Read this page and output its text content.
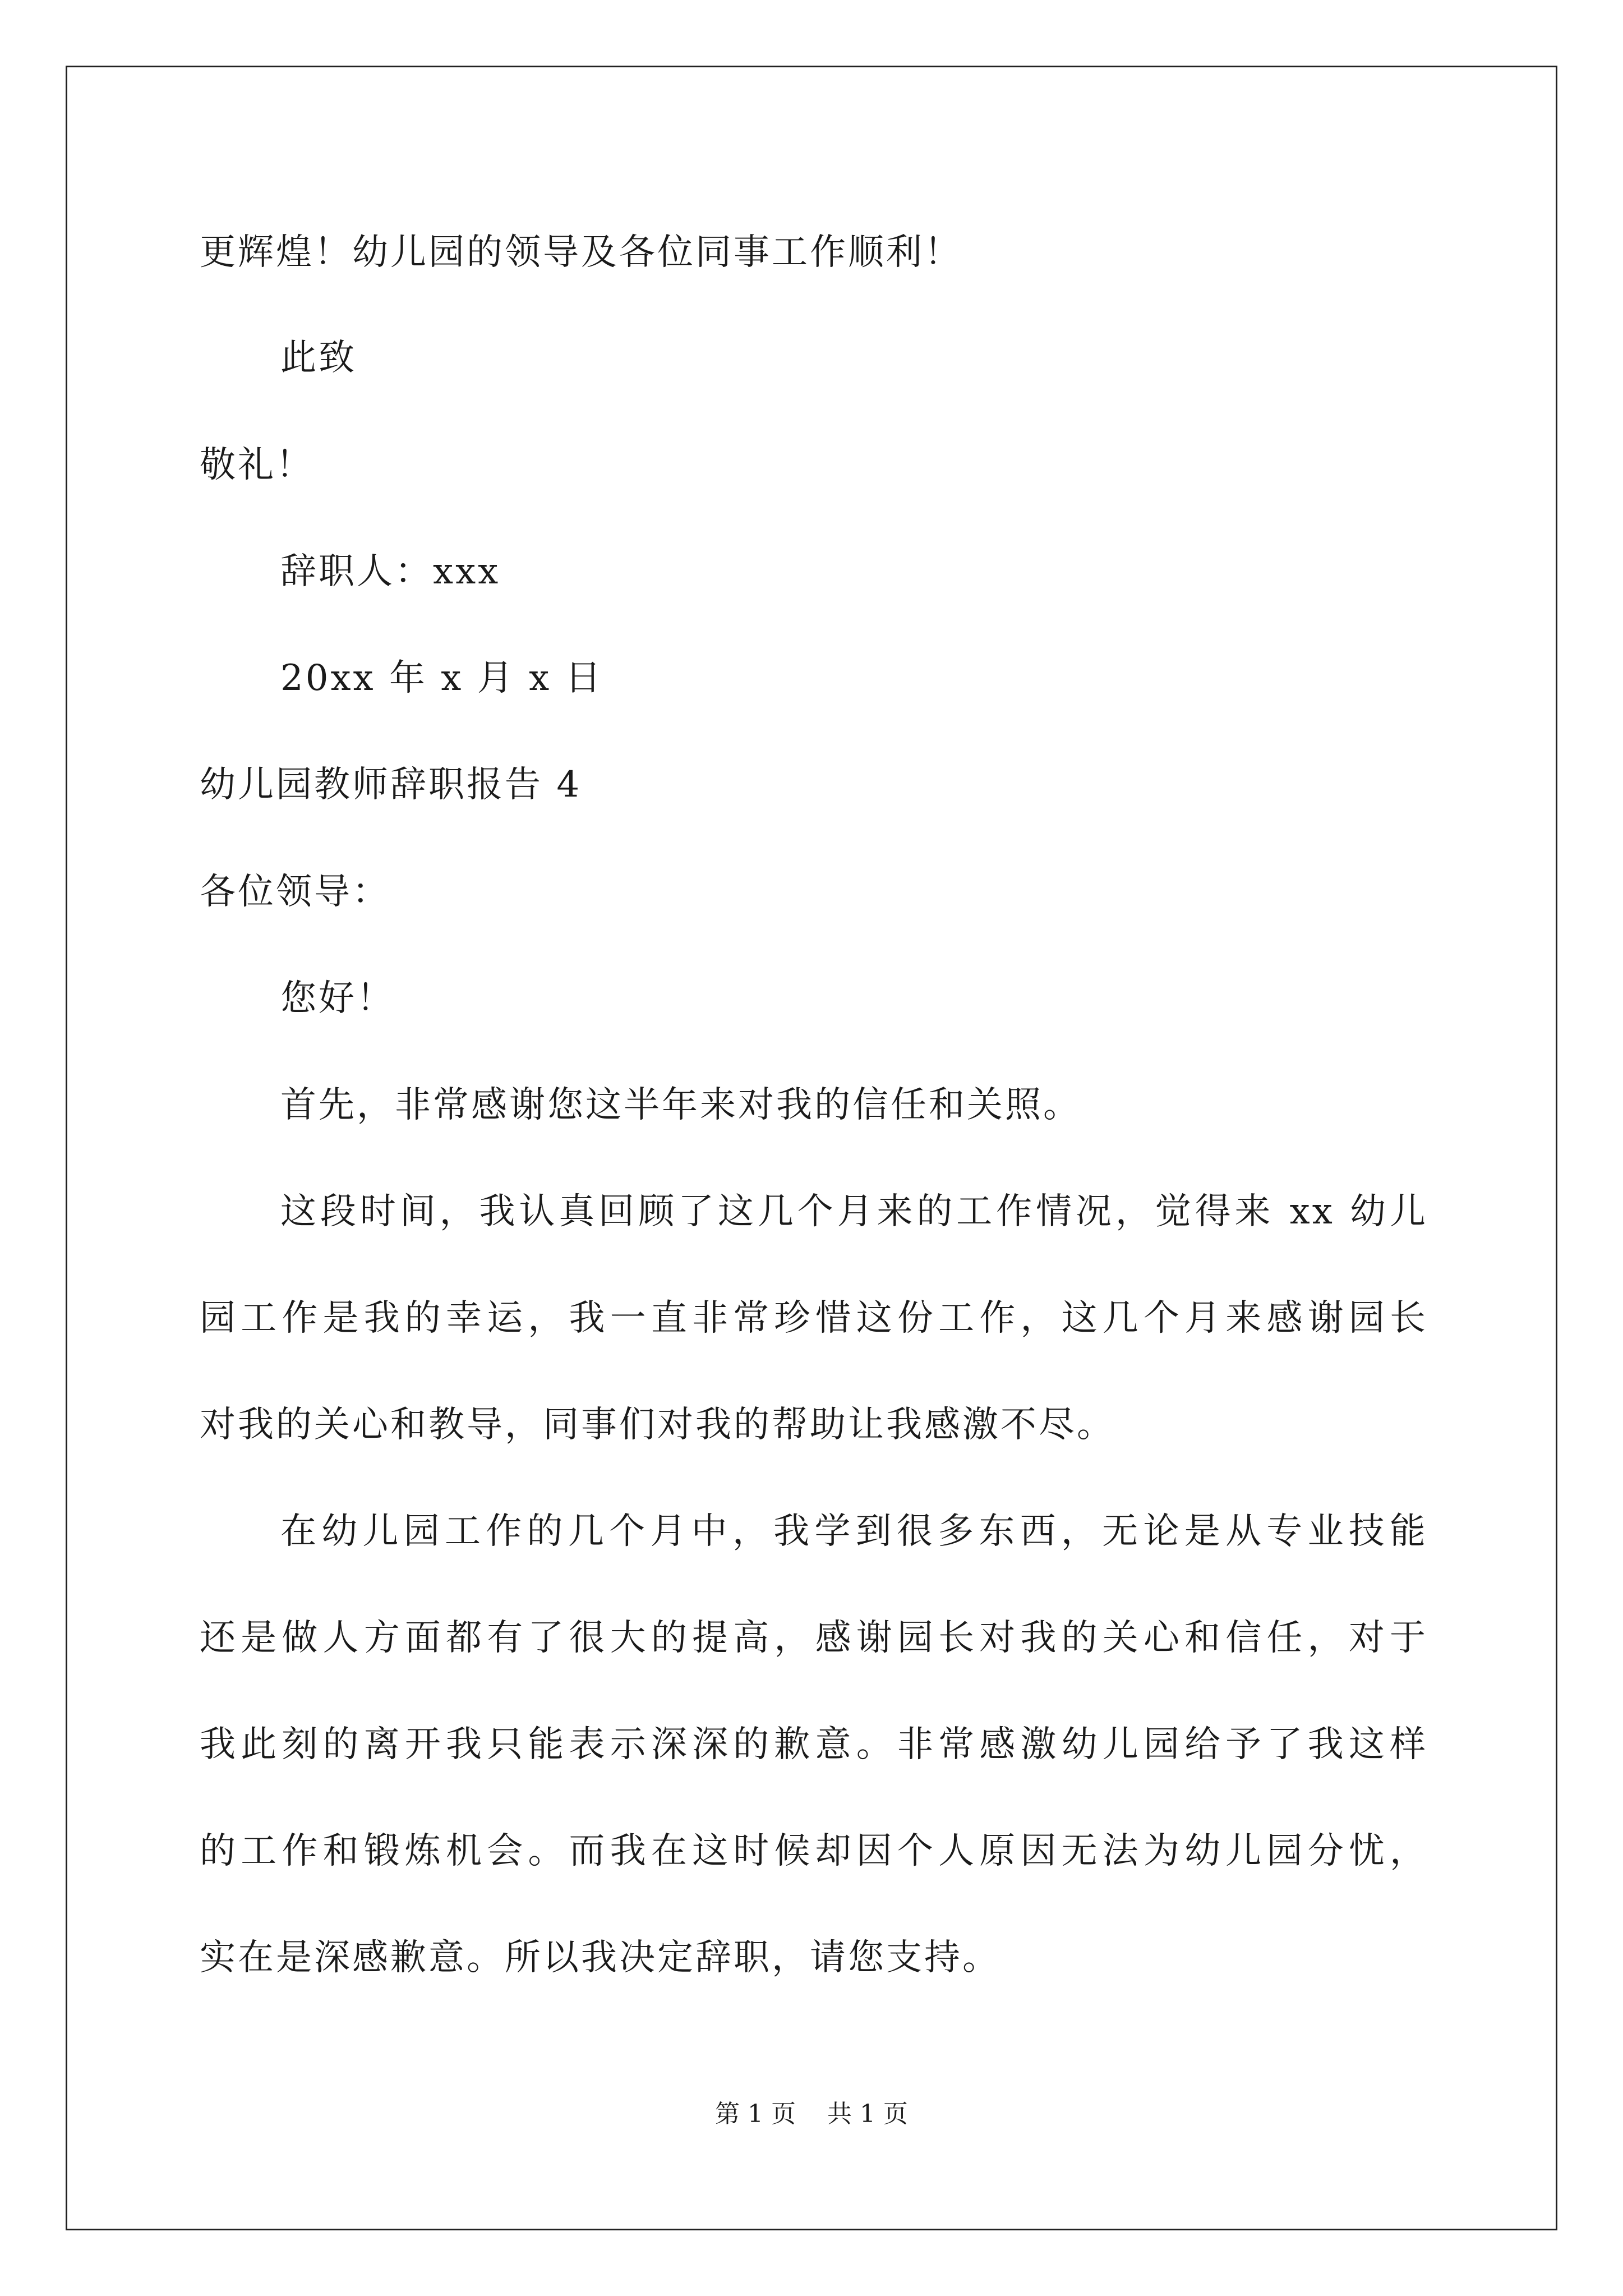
更辉煌！幼儿园的领导及各位同事工作顺利！
此致
敬礼！
辞职人：xxx
20xx 年 x 月 x 日
幼儿园教师辞职报告 4
各位领导：
您好！
首先，非常感谢您这半年来对我的信任和关照。
这段时间，我认真回顾了这几个月来的工作情况，觉得来 xx 幼儿
园工作是我的幸运，我一直非常珍惜这份工作，这几个月来感谢园长
对我的关心和教导，同事们对我的帮助让我感激不尽。
在幼儿园工作的几个月中，我学到很多东西，无论是从专业技能
还是做人方面都有了很大的提高，感谢园长对我的关心和信任，对于
我此刻的离开我只能表示深深的歉意。非常感激幼儿园给予了我这样
的工作和锻炼机会。而我在这时候却因个人原因无法为幼儿园分忧，
实在是深感歉意。所以我决定辞职，请您支持。
第 1 页    共 1 页
